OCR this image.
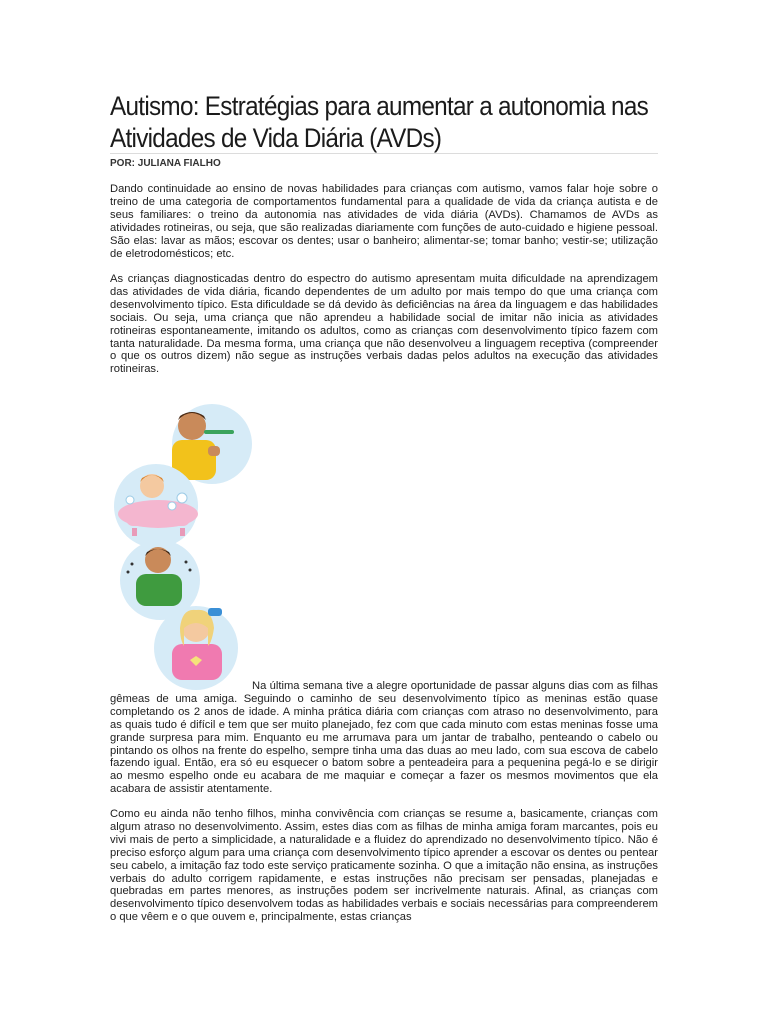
Autismo: Estratégias para aumentar a autonomia nas Atividades de Vida Diária (AVDs)
POR: JULIANA FIALHO

Dando continuidade ao ensino de novas habilidades para crianças com autismo, vamos falar hoje sobre o treino de uma categoria de comportamentos fundamental para a qualidade de vida da criança autista e de seus familiares: o treino da autonomia nas atividades de vida diária (AVDs). Chamamos de AVDs as atividades rotineiras, ou seja, que são realizadas diariamente com funções de auto-cuidado e higiene pessoal. São elas: lavar as mãos; escovar os dentes; usar o banheiro; alimentar-se; tomar banho; vestir-se; utilização de eletrodomésticos; etc.

As crianças diagnosticadas dentro do espectro do autismo apresentam muita dificuldade na aprendizagem das atividades de vida diária, ficando dependentes de um adulto por mais tempo do que uma criança com desenvolvimento típico. Esta dificuldade se dá devido às deficiências na área da linguagem e das habilidades sociais. Ou seja, uma criança que não aprendeu a habilidade social de imitar não inicia as atividades rotineiras espontaneamente, imitando os adultos, como as crianças com desenvolvimento típico fazem com tanta naturalidade. Da mesma forma, uma criança que não desenvolveu a linguagem receptiva (compreender o que os outros dizem) não segue as instruções verbais dadas pelos adultos na execução das atividades rotineiras.

Na última semana tive a alegre oportunidade de passar alguns dias com as filhas gêmeas de uma amiga. Seguindo o caminho de seu desenvolvimento típico as meninas estão quase completando os 2 anos de idade. A minha prática diária com crianças com atraso no desenvolvimento, para as quais tudo é difícil e tem que ser muito planejado, fez com que cada minuto com estas meninas fosse uma grande surpresa para mim. Enquanto eu me arrumava para um jantar de trabalho, penteando o cabelo ou pintando os olhos na frente do espelho, sempre tinha uma das duas ao meu lado, com sua escova de cabelo fazendo igual. Então, era só eu esquecer o batom sobre a penteadeira para a pequenina pegá-lo e se dirigir ao mesmo espelho onde eu acabara de me maquiar e começar a fazer os mesmos movimentos que ela acabara de assistir atentamente.

Como eu ainda não tenho filhos, minha convivência com crianças se resume a, basicamente, crianças com algum atraso no desenvolvimento. Assim, estes dias com as filhas de minha amiga foram marcantes, pois eu vivi mais de perto a simplicidade, a naturalidade e a fluidez do aprendizado no desenvolvimento típico. Não é preciso esforço algum para uma criança com desenvolvimento típico aprender a escovar os dentes ou pentear seu cabelo, a imitação faz todo este serviço praticamente sozinha. O que a imitação não ensina, as instruções verbais do adulto corrigem rapidamente, e estas instruções não precisam ser pensadas, planejadas e quebradas em partes menores, as instruções podem ser incrivelmente naturais. Afinal, as crianças com desenvolvimento típico desenvolvem todas as habilidades verbais e sociais necessárias para compreenderem o que vêem e o que ouvem e, principalmente, estas crianças
